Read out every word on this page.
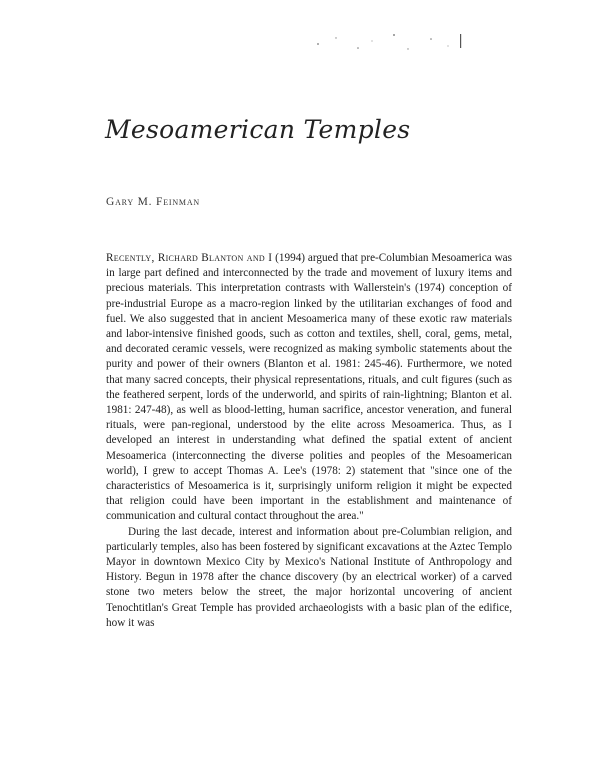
Mesoamerican Temples
Gary M. Feinman

Recently, Richard Blanton and I (1994) argued that pre-Columbian Mesoamerica was in large part defined and interconnected by the trade and movement of luxury items and precious materials. This interpretation contrasts with Wallerstein's (1974) conception of pre-industrial Europe as a macro-region linked by the utilitarian exchanges of food and fuel. We also suggested that in ancient Mesoamerica many of these exotic raw materials and labor-intensive finished goods, such as cotton and textiles, shell, coral, gems, metal, and decorated ceramic vessels, were recognized as making symbolic statements about the purity and power of their owners (Blanton et al. 1981: 245-46). Furthermore, we noted that many sacred concepts, their physical representations, rituals, and cult figures (such as the feathered serpent, lords of the underworld, and spirits of rain-lightning; Blanton et al. 1981: 247-48), as well as blood-letting, human sacrifice, ancestor veneration, and funeral rituals, were pan-regional, understood by the elite across Mesoamerica. Thus, as I developed an interest in understanding what defined the spatial extent of ancient Mesoamerica (interconnecting the diverse polities and peoples of the Mesoamerican world), I grew to accept Thomas A. Lee's (1978: 2) statement that "since one of the characteristics of Mesoamerica is it, surprisingly uniform religion it might be expected that religion could have been important in the establishment and maintenance of communication and cultural contact throughout the area."

During the last decade, interest and information about pre-Columbian religion, and particularly temples, also has been fostered by significant excavations at the Aztec Templo Mayor in downtown Mexico City by Mexico's National Institute of Anthropology and History. Begun in 1978 after the chance discovery (by an electrical worker) of a carved stone two meters below the street, the major horizontal uncovering of ancient Tenochtitlan's Great Temple has provided archaeologists with a basic plan of the edifice, how it was
